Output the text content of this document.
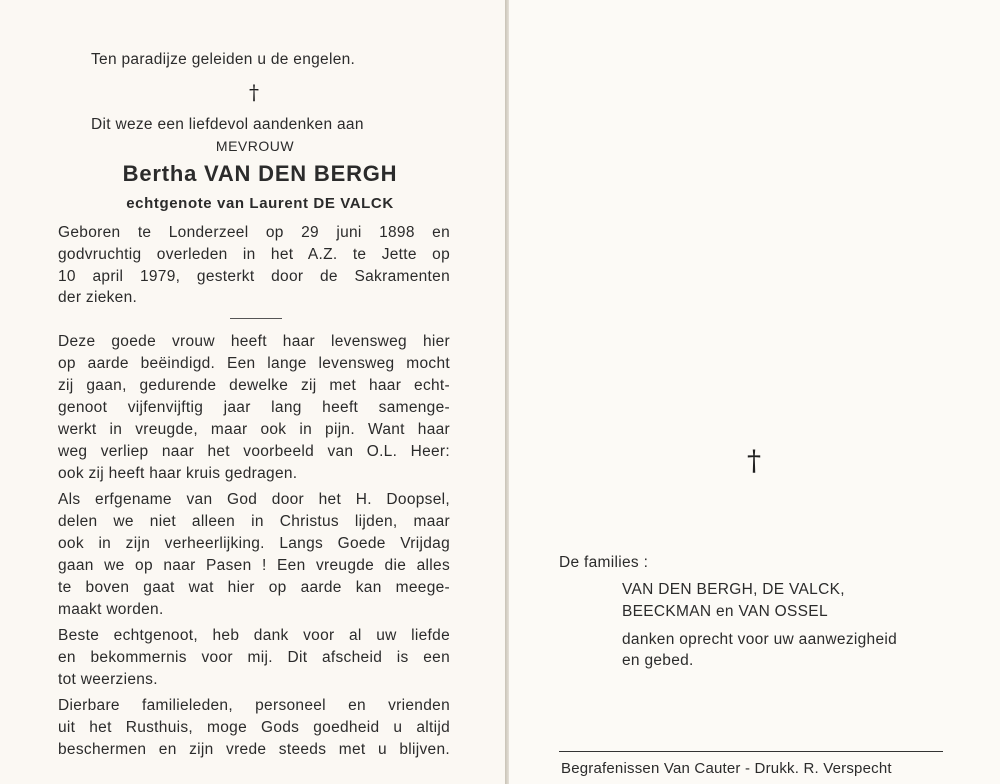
Ten paradijze geleiden u de engelen.
†
Dit weze een liefdevol aandenken aan
MEVROUW
Bertha VAN DEN BERGH
echtgenote van Laurent DE VALCK
Geboren te Londerzeel op 29 juni 1898 en
godvruchtig overleden in het A.Z. te Jette op
10 april 1979, gesterkt door de Sakramenten
der zieken.
Deze goede vrouw heeft haar levensweg hier
op aarde beëindigd. Een lange levensweg mocht
zij gaan, gedurende dewelke zij met haar echt-
genoot vijfenvijftig jaar lang heeft samenge-
werkt in vreugde, maar ook in pijn. Want haar
weg verliep naar het voorbeeld van O.L. Heer:
ook zij heeft haar kruis gedragen.
Als erfgename van God door het H. Doopsel,
delen we niet alleen in Christus lijden, maar
ook in zijn verheerlijking. Langs Goede Vrijdag
gaan we op naar Pasen ! Een vreugde die alles
te boven gaat wat hier op aarde kan meege-
maakt worden.
Beste echtgenoot, heb dank voor al uw liefde
en bekommernis voor mij. Dit afscheid is een
tot weerziens.
Dierbare familieleden, personeel en vrienden
uit het Rusthuis, moge Gods goedheid u altijd
beschermen en zijn vrede steeds met u blijven.
†
De families :
VAN DEN BERGH, DE VALCK,
BEECKMAN en VAN OSSEL
danken oprecht voor uw aanwezigheid
en gebed.
Begrafenissen Van Cauter - Drukk. R. Verspecht
